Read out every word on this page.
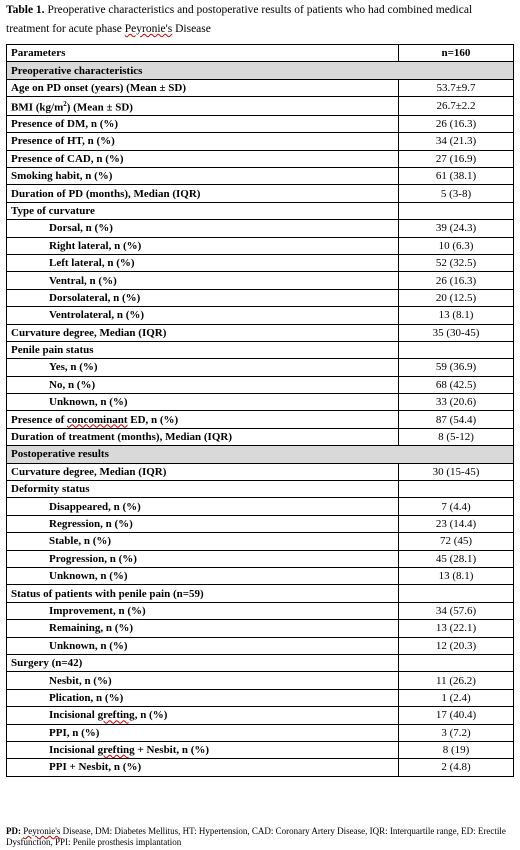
Table 1. Preoperative characteristics and postoperative results of patients who had combined medical treatment for acute phase Peyronie's Disease
Parameters	n=160
Preoperative characteristics	
Age on PD onset (years) (Mean ± SD)	53.7±9.7
BMI $(kg/m^2)$ (Mean ± SD)	26.7±2.2
Presence of DM, n (%)	26 (16.3)
Presence of HT, n (%)	34 (21.3)
Presence of CAD, n (%)	27 (16.9)
Smoking habit, n (%)	61 (38.1)
Duration of PD (months), Median (IQR)	5 (3-8)
Type of curvature	
Dorsal, n (%)	39 (24.3)
Right lateral, n (%)	10 (6.3)
Left lateral, n (%)	52 (32.5)
Ventral, n (%)	26 (16.3)
Dorsolateral, n (%)	20 (12.5)
Ventrolateral, n (%)	13 (8.1)
Curvature degree, Median (IQR)	35 (30-45)
Penile pain status	
Yes, n (%)	59 (36.9)
No, n (%)	68 (42.5)
Unknown, n (%)	33 (20.6)
Presence of concominant ED, n (%)	87 (54.4)
Duration of treatment (months), Median (IQR)	8 (5-12)
Postoperative results	
Curvature degree, Median (IQR)	30 (15-45)
Deformity status	
Disappeared, n (%)	7 (4.4)
Regression, n (%)	23 (14.4)
Stable, n (%)	72 (45)
Progression, n (%)	45 (28.1)
Unknown, n (%)	13 (8.1)
Status of patients with penile pain (n=59)	
Improvement, n (%)	34 (57.6)
Remaining, n (%)	13 (22.1)
Unknown, n (%)	12 (20.3)
Surgery (n=42)	
Nesbit, n (%)	11 (26.2)
Plication, n (%)	1 (2.4)
Incisional grefting, n (%)	17 (40.4)
PPI, n (%)	3 (7.2)
Incisional grefting + Nesbit, n (%)	8 (19)
PPI + Nesbit, n (%)	2 (4.8)
PD: Peyronie's Disease, DM: Diabetes Mellitus, HT: Hypertension, CAD: Coronary Artery Disease, IQR: Interquartile range, ED: Erectile Dysfunction, PPI: Penile prosthesis implantation
